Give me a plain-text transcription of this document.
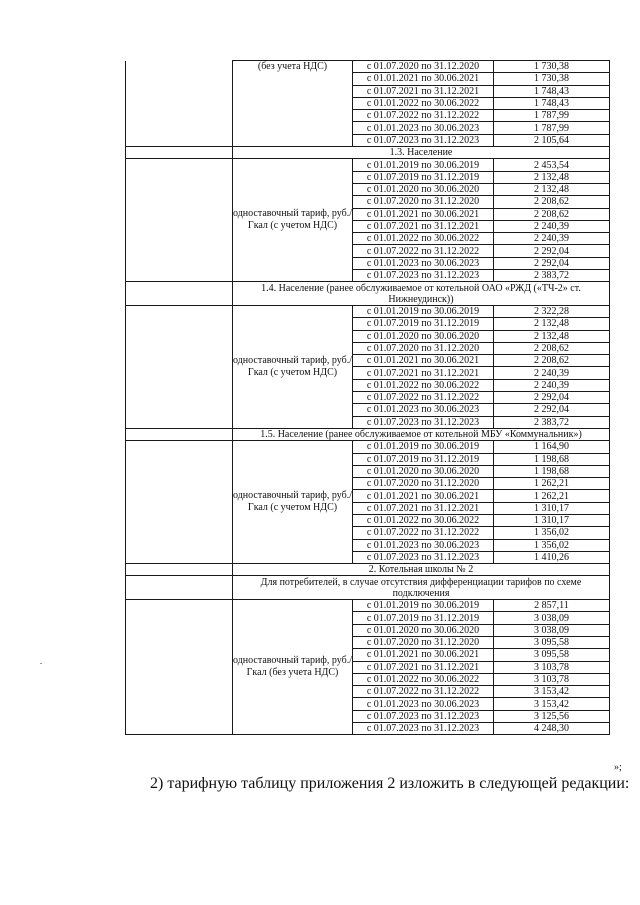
	(без учета НДС)	с 01.07.2020 по 31.12.2020	1 730,38
		с 01.01.2021 по 30.06.2021	1 730,38
		с 01.07.2021 по 31.12.2021	1 748,43
		с 01.01.2022 по 30.06.2022	1 748,43
		с 01.07.2022 по 31.12.2022	1 787,99
		с 01.01.2023 по 30.06.2023	1 787,99
		с 01.07.2023 по 31.12.2023	2 105,64
	1.3. Население		
	одноставочный тариф, руб./Гкал (с учетом НДС)	с 01.01.2019 по 30.06.2019	2 453,54
		с 01.07.2019 по 31.12.2019	2 132,48
		с 01.01.2020 по 30.06.2020	2 132,48
		с 01.07.2020 по 31.12.2020	2 208,62
		с 01.01.2021 по 30.06.2021	2 208,62
		с 01.07.2021 по 31.12.2021	2 240,39
		с 01.01.2022 по 30.06.2022	2 240,39
		с 01.07.2022 по 31.12.2022	2 292,04
		с 01.01.2023 по 30.06.2023	2 292,04
		с 01.07.2023 по 31.12.2023	2 383,72
	1.4. Население (ранее обслуживаемое от котельной ОАО «РЖД («ТЧ-2» ст. Нижнеудинск))		
	одноставочный тариф, руб./Гкал (с учетом НДС)	с 01.01.2019 по 30.06.2019	2 322,28
		с 01.07.2019 по 31.12.2019	2 132,48
		с 01.01.2020 по 30.06.2020	2 132,48
		с 01.07.2020 по 31.12.2020	2 208,62
		с 01.01.2021 по 30.06.2021	2 208,62
		с 01.07.2021 по 31.12.2021	2 240,39
		с 01.01.2022 по 30.06.2022	2 240,39
		с 01.07.2022 по 31.12.2022	2 292,04
		с 01.01.2023 по 30.06.2023	2 292,04
		с 01.07.2023 по 31.12.2023	2 383,72
	1.5. Население (ранее обслуживаемое от котельной МБУ «Коммунальник»)		
	одноставочный тариф, руб./Гкал (с учетом НДС)	с 01.01.2019 по 30.06.2019	1 164,90
		с 01.07.2019 по 31.12.2019	1 198,68
		с 01.01.2020 по 30.06.2020	1 198,68
		с 01.07.2020 по 31.12.2020	1 262,21
		с 01.01.2021 по 30.06.2021	1 262,21
		с 01.07.2021 по 31.12.2021	1 310,17
		с 01.01.2022 по 30.06.2022	1 310,17
		с 01.07.2022 по 31.12.2022	1 356,02
		с 01.01.2023 по 30.06.2023	1 356,02
		с 01.07.2023 по 31.12.2023	1 410,26
	2. Котельная школы № 2		
	Для потребителей, в случае отсутствия дифференциации тарифов по схеме подключения		
	одноставочный тариф, руб./Гкал (без учета НДС)	с 01.01.2019 по 30.06.2019	2 857,11
		с 01.07.2019 по 31.12.2019	3 038,09
		с 01.01.2020 по 30.06.2020	3 038,09
		с 01.07.2020 по 31.12.2020	3 095,58
		с 01.01.2021 по 30.06.2021	3 095,58
		с 01.07.2021 по 31.12.2021	3 103,78
		с 01.01.2022 по 30.06.2022	3 103,78
		с 01.07.2022 по 31.12.2022	3 153,42
		с 01.01.2023 по 30.06.2023	3 153,42
		с 01.07.2023 по 31.12.2023	3 125,56
		с 01.07.2023 по 31.12.2023	4 248,30
»;
2) тарифную таблицу приложения 2 изложить в следующей редакции:
